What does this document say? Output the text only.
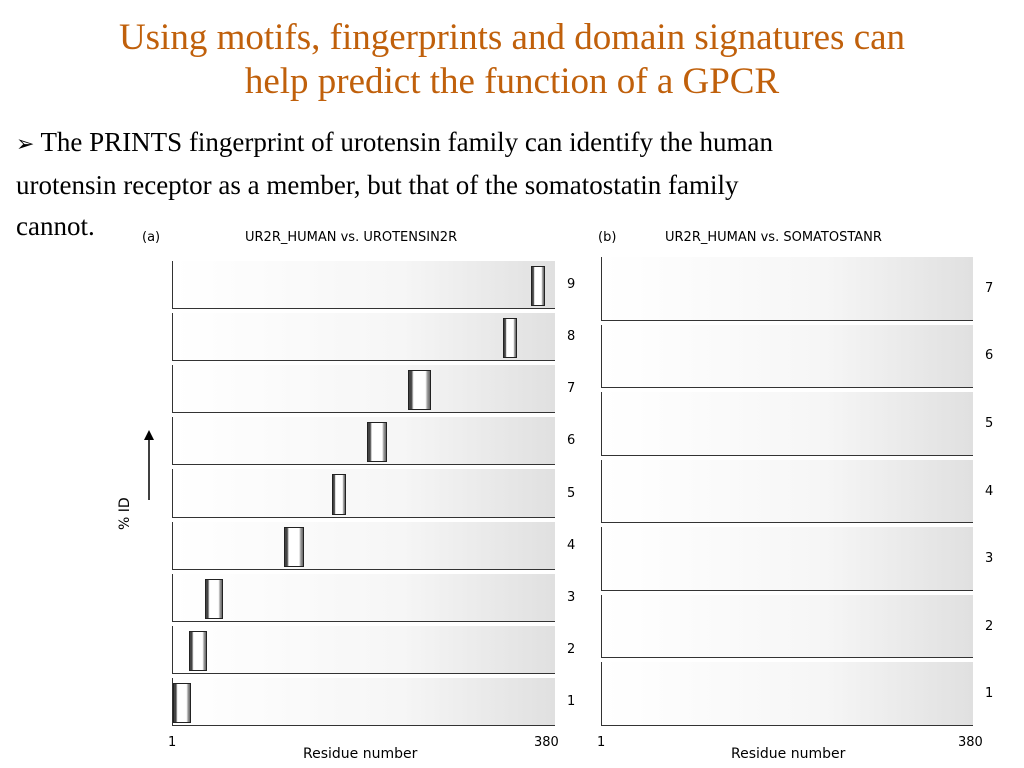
Using motifs, fingerprints and domain signatures can
help predict the function of a GPCR
➢ The PRINTS fingerprint of urotensin family can identify the human
urotensin receptor as a member, but that of the somatostatin family
cannot.	(a)	UR2R_HUMAN vs. UROTENSIN2R
1	380
Residue number
% ID
(b)	UR2R_HUMAN vs. SOMATOSTANR
1	380
Residue number
9
8
7
6
5
4
3
2
1
7
6
5
4
3
2
1
